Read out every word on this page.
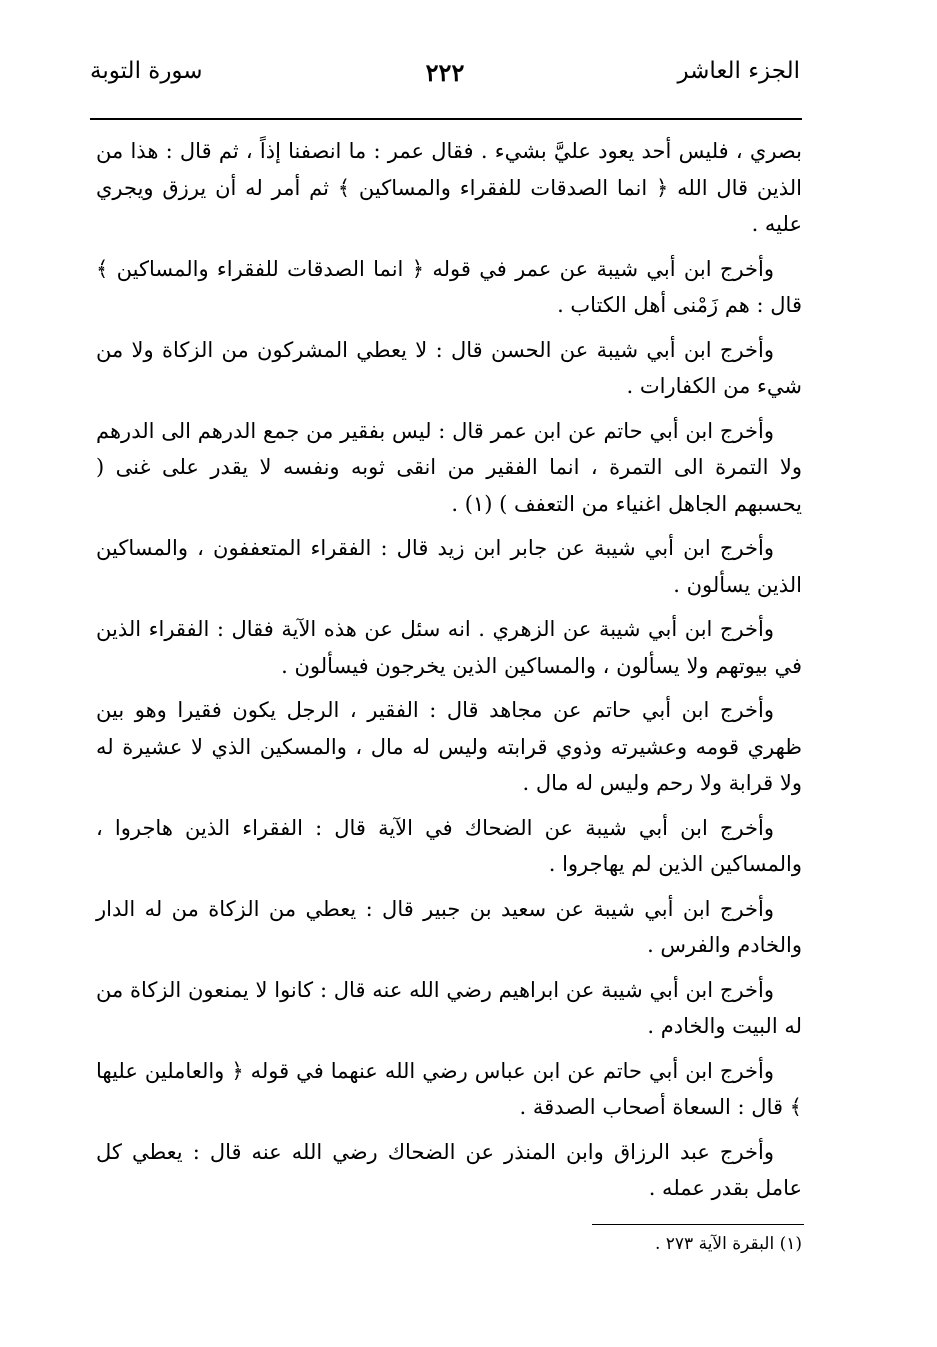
الجزء العاشر
٢٢٢
سورة التوبة

بصري ، فليس أحد يعود عليَّ بشيء . فقال عمر : ما انصفنا إذاً ، ثم قال : هذا من الذين قال الله ﴿ انما الصدقات للفقراء والمساكين ﴾ ثم أمر له أن يرزق ويجري عليه .

وأخرج ابن أبي شيبة عن عمر في قوله ﴿ انما الصدقات للفقراء والمساكين ﴾ قال : هم زَمْنى أهل الكتاب .

وأخرج ابن أبي شيبة عن الحسن قال : لا يعطي المشركون من الزكاة ولا من شيء من الكفارات .

وأخرج ابن أبي حاتم عن ابن عمر قال : ليس بفقير من جمع الدرهم الى الدرهم ولا التمرة الى التمرة ، انما الفقير من انقى ثوبه ونفسه لا يقدر على غنى ( يحسبهم الجاهل اغنياء من التعفف ) (١) .

وأخرج ابن أبي شيبة عن جابر ابن زيد قال : الفقراء المتعففون ، والمساكين الذين يسألون .

وأخرج ابن أبي شيبة عن الزهري . انه سئل عن هذه الآية فقال : الفقراء الذين في بيوتهم ولا يسألون ، والمساكين الذين يخرجون فيسألون .

وأخرج ابن أبي حاتم عن مجاهد قال : الفقير ، الرجل يكون فقيرا وهو بين ظهري قومه وعشيرته وذوي قرابته وليس له مال ، والمسكين الذي لا عشيرة له ولا قرابة ولا رحم وليس له مال .

وأخرج ابن أبي شيبة عن الضحاك في الآية قال : الفقراء الذين هاجروا ، والمساكين الذين لم يهاجروا .

وأخرج ابن أبي شيبة عن سعيد بن جبير قال : يعطي من الزكاة من له الدار والخادم والفرس .

وأخرج ابن أبي شيبة عن ابراهيم رضي الله عنه قال : كانوا لا يمنعون الزكاة من له البيت والخادم .

وأخرج ابن أبي حاتم عن ابن عباس رضي الله عنهما في قوله ﴿ والعاملين عليها ﴾ قال : السعاة أصحاب الصدقة .

وأخرج عبد الرزاق وابن المنذر عن الضحاك رضي الله عنه قال : يعطي كل عامل بقدر عمله .

(١) البقرة الآية ٢٧٣ .
